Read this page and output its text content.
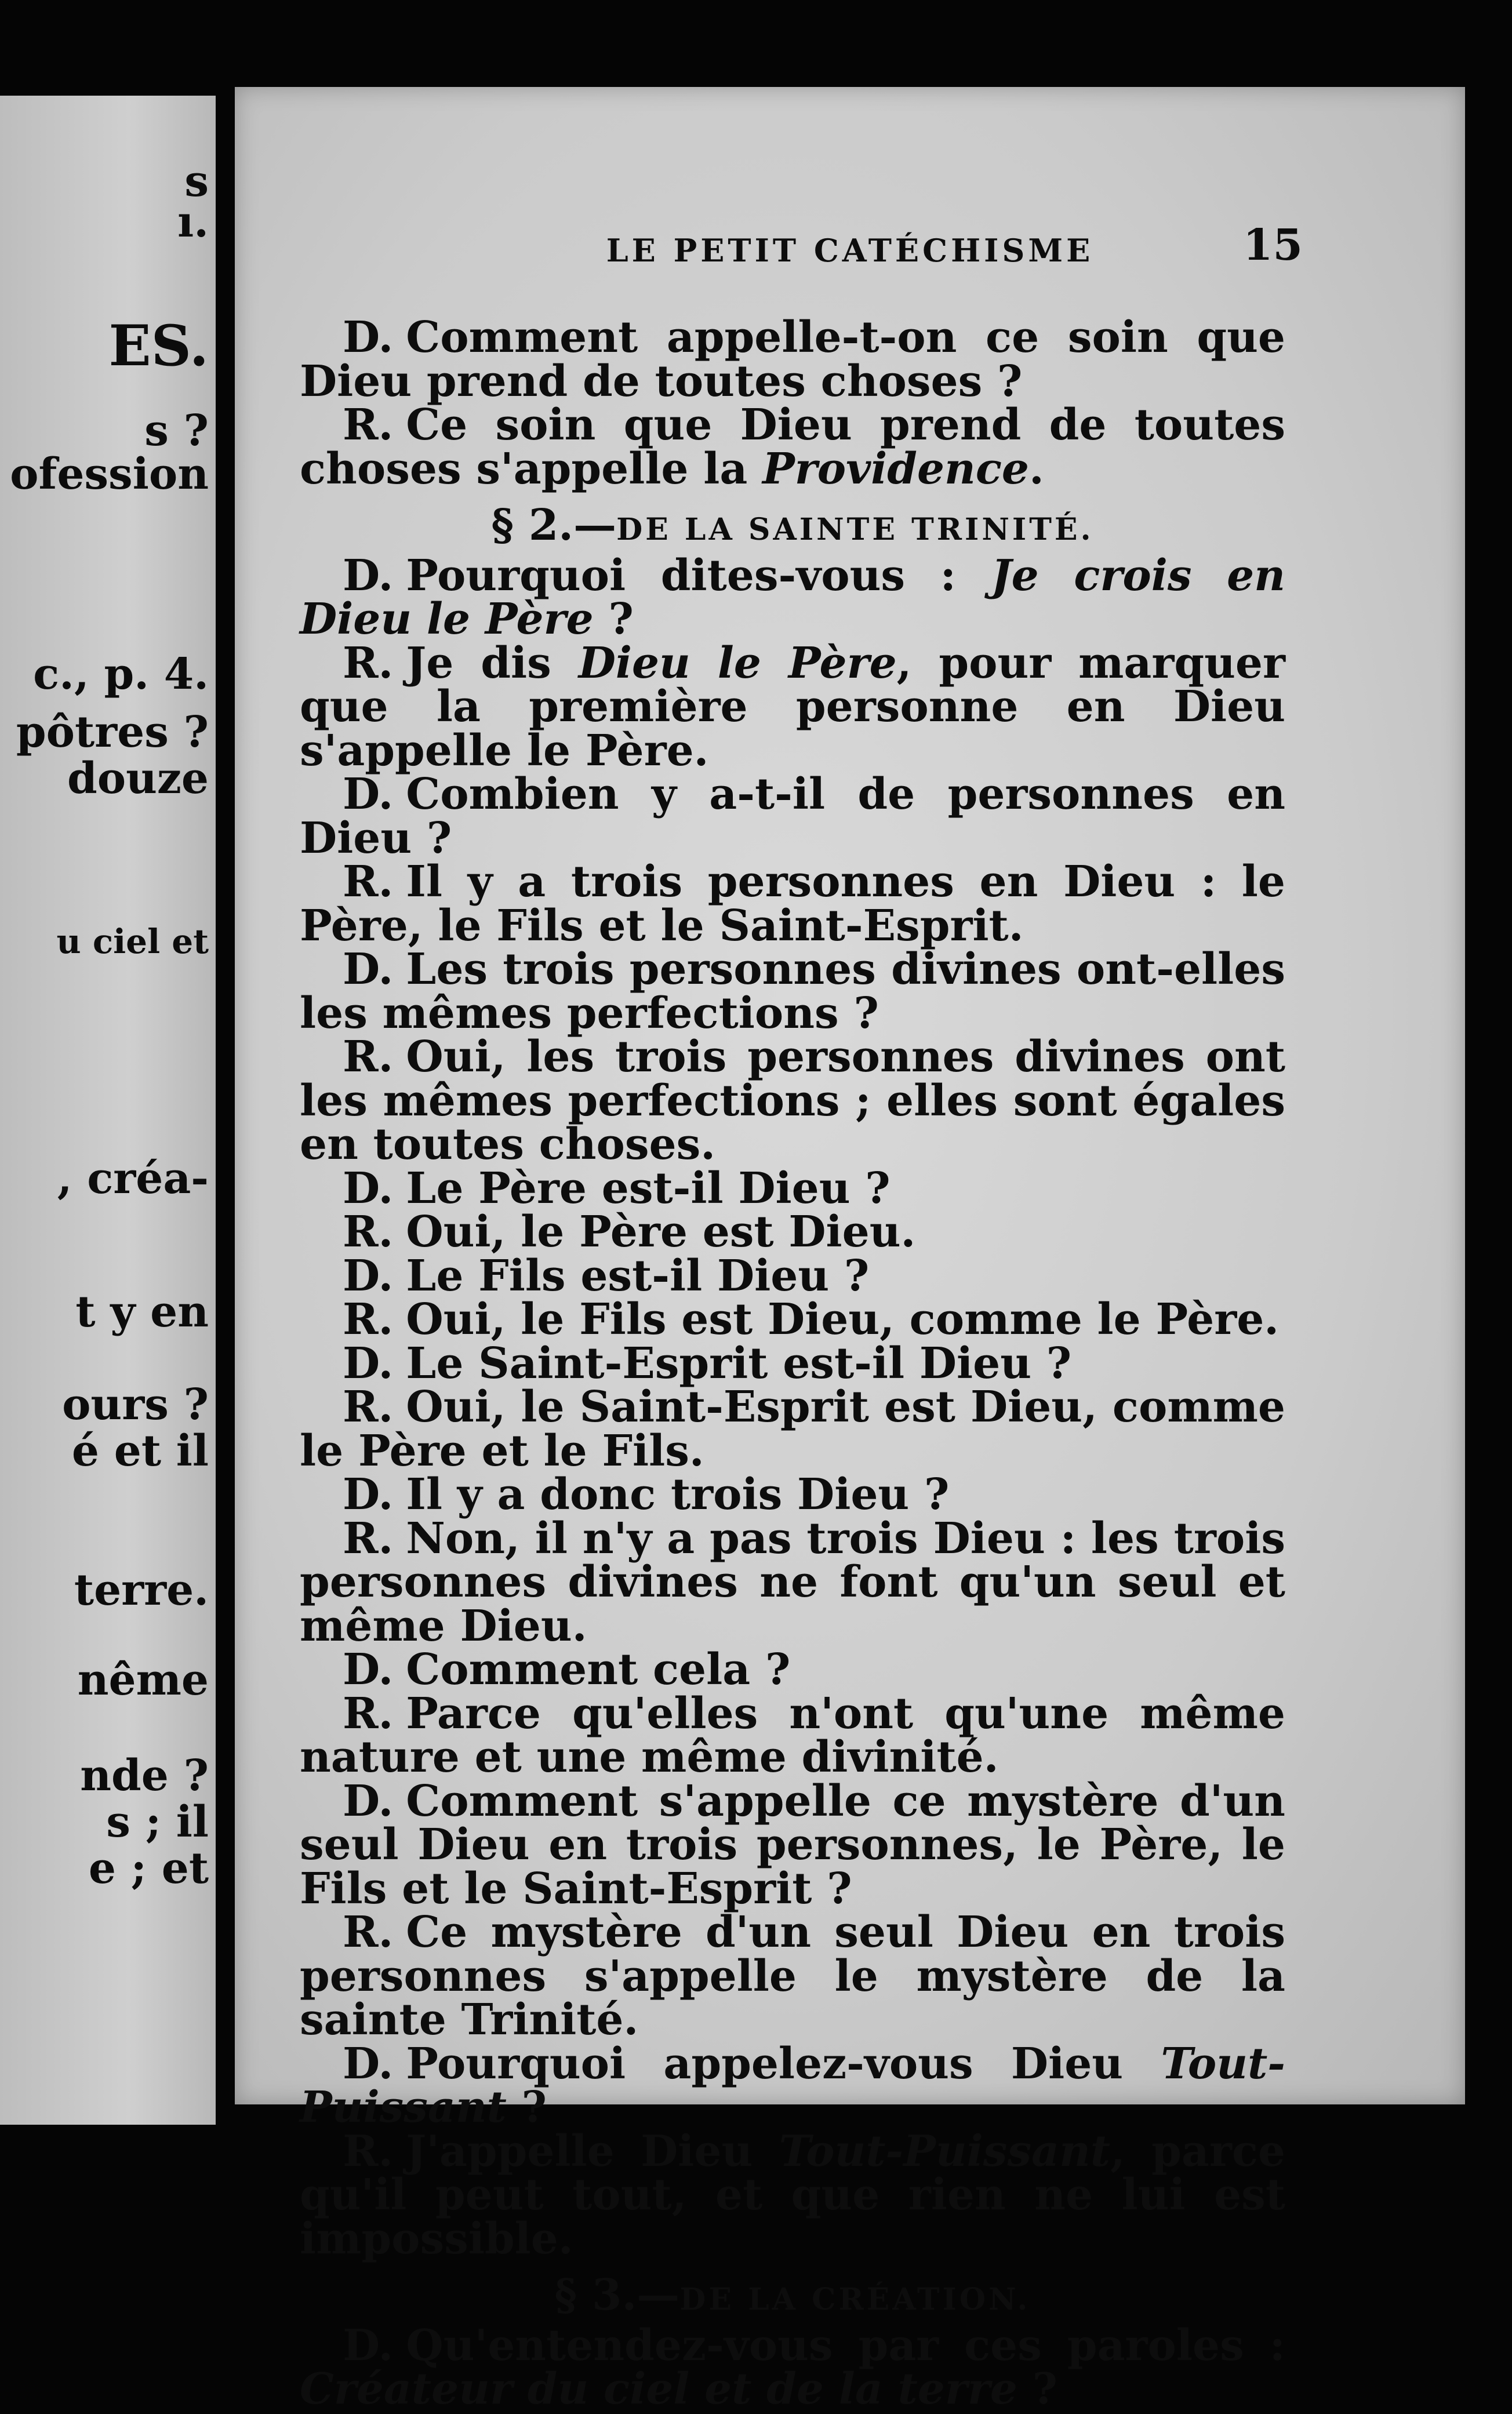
s
ı.
ES.
s ?
ofession
c., p. 4.
pôtres ?
douze
u ciel et
, créa-
t y en
ours ?
é et il
terre.
nême
nde ?
s ; il
e ; et
LE PETIT CATÉCHISME	15

D. Comment appelle-t-on ce soin que Dieu prend de toutes choses ?

R. Ce soin que Dieu prend de toutes choses s'appelle la Providence.

§ 2.—DE LA SAINTE TRINITÉ.

D. Pourquoi dites-vous : Je crois en Dieu le Père ?

R. Je dis Dieu le Père, pour marquer que la première personne en Dieu s'appelle le Père.

D. Combien y a-t-il de personnes en Dieu ?

R. Il y a trois personnes en Dieu : le Père, le Fils et le Saint-Esprit.

D. Les trois personnes divines ont-elles les mêmes perfections ?

R. Oui, les trois personnes divines ont les mêmes perfections ; elles sont égales en toutes choses.

D. Le Père est-il Dieu ?

R. Oui, le Père est Dieu.

D. Le Fils est-il Dieu ?

R. Oui, le Fils est Dieu, comme le Père.

D. Le Saint-Esprit est-il Dieu ?

R. Oui, le Saint-Esprit est Dieu, comme le Père et le Fils.

D. Il y a donc trois Dieu ?

R. Non, il n'y a pas trois Dieu : les trois personnes divines ne font qu'un seul et même Dieu.

D. Comment cela ?

R. Parce qu'elles n'ont qu'une même nature et une même divinité.

D. Comment s'appelle ce mystère d'un seul Dieu en trois personnes, le Père, le Fils et le Saint-Esprit ?

R. Ce mystère d'un seul Dieu en trois personnes s'appelle le mystère de la sainte Trinité.

D. Pourquoi appelez-vous Dieu Tout-Puissant ?

R. J'appelle Dieu Tout-Puissant, parce qu'il peut tout, et que rien ne lui est impossible.

§ 3.—DE LA CRÉATION.

D. Qu'entendez-vous par ces paroles : Créateur du ciel et de la terre ?
